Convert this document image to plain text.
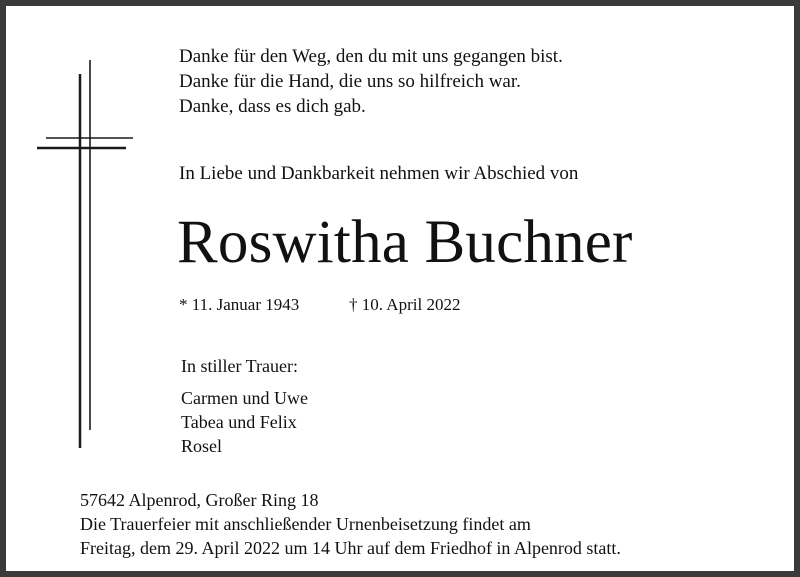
Danke für den Weg, den du mit uns gegangen bist.
Danke für die Hand, die uns so hilfreich war.
Danke, dass es dich gab.
In Liebe und Dankbarkeit nehmen wir Abschied von
Roswitha Buchner
* 11. Januar 1943	† 10. April 2022
In stiller Trauer:
Carmen und Uwe
Tabea und Felix
Rosel
57642 Alpenrod, Großer Ring 18
Die Trauerfeier mit anschließender Urnenbeisetzung findet am
Freitag, dem 29. April 2022 um 14 Uhr auf dem Friedhof in Alpenrod statt.
